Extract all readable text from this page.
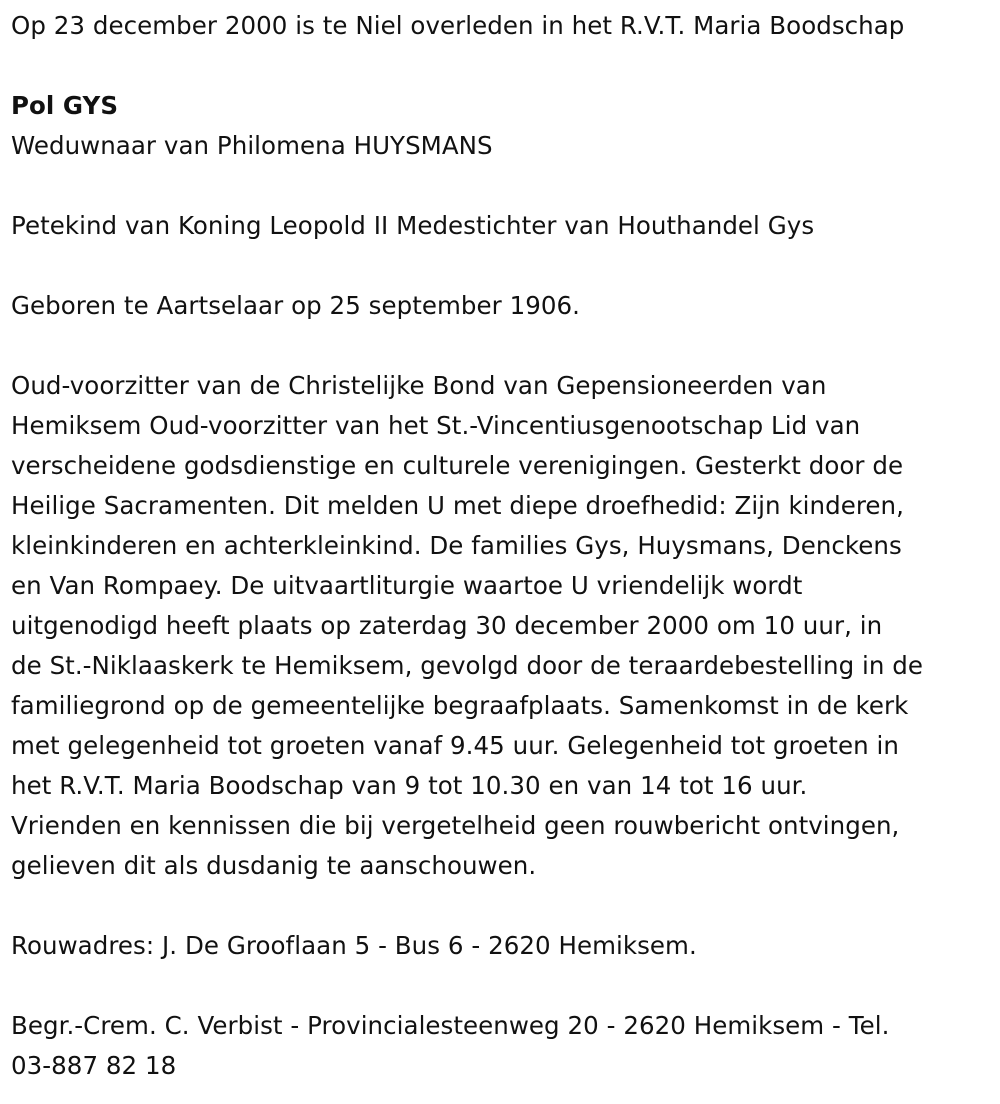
Op 23 december 2000 is te Niel overleden in het R.V.T. Maria Boodschap
Pol GYS
Weduwnaar van Philomena HUYSMANS
Petekind van Koning Leopold II Medestichter van Houthandel Gys
Geboren te Aartselaar op 25 september 1906.
Oud-voorzitter van de Christelijke Bond van Gepensioneerden van
Hemiksem Oud-voorzitter van het St.-Vincentiusgenootschap Lid van
verscheidene godsdienstige en culturele verenigingen. Gesterkt door de
Heilige Sacramenten. Dit melden U met diepe droefhedid: Zijn kinderen,
kleinkinderen en achterkleinkind. De families Gys, Huysmans, Denckens
en Van Rompaey. De uitvaartliturgie waartoe U vriendelijk wordt
uitgenodigd heeft plaats op zaterdag 30 december 2000 om 10 uur, in
de St.-Niklaaskerk te Hemiksem, gevolgd door de teraardebestelling in de
familiegrond op de gemeentelijke begraafplaats. Samenkomst in de kerk
met gelegenheid tot groeten vanaf 9.45 uur. Gelegenheid tot groeten in
het R.V.T. Maria Boodschap van 9 tot 10.30 en van 14 tot 16 uur.
Vrienden en kennissen die bij vergetelheid geen rouwbericht ontvingen,
gelieven dit als dusdanig te aanschouwen.
Rouwadres: J. De Grooflaan 5 - Bus 6 - 2620 Hemiksem.
Begr.-Crem. C. Verbist - Provincialesteenweg 20 - 2620 Hemiksem - Tel.
03-887 82 18
